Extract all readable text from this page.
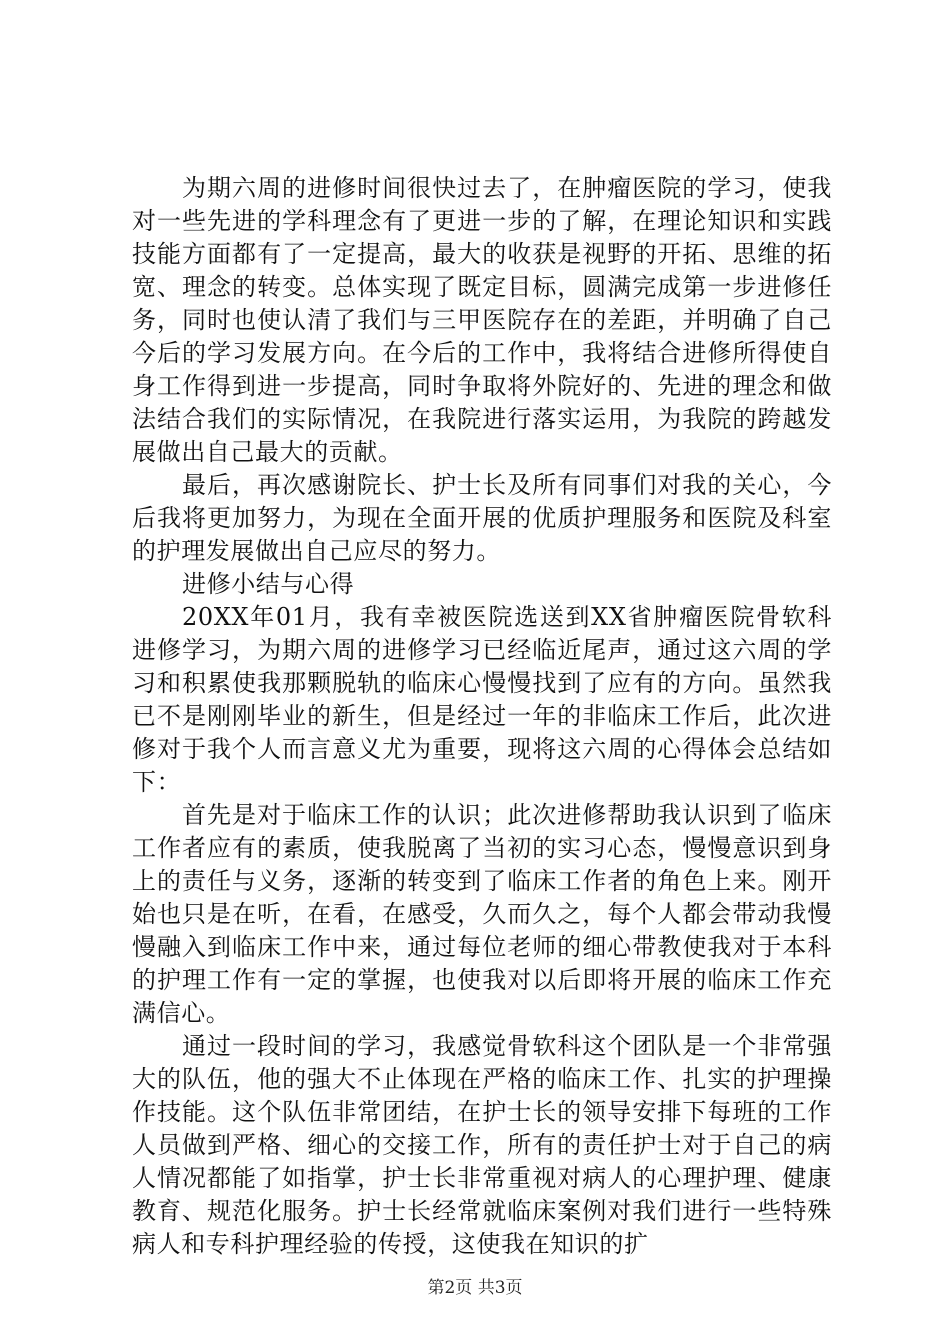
为期六周的进修时间很快过去了，在肿瘤医院的学习，使我对一些先进的学科理念有了更进一步的了解，在理论知识和实践技能方面都有了一定提高，最大的收获是视野的开拓、思维的拓宽、理念的转变。总体实现了既定目标，圆满完成第一步进修任务，同时也使认清了我们与三甲医院存在的差距，并明确了自己今后的学习发展方向。在今后的工作中，我将结合进修所得使自身工作得到进一步提高，同时争取将外院好的、先进的理念和做法结合我们的实际情况，在我院进行落实运用，为我院的跨越发展做出自己最大的贡献。

最后，再次感谢院长、护士长及所有同事们对我的关心，今后我将更加努力，为现在全面开展的优质护理服务和医院及科室的护理发展做出自己应尽的努力。

进修小结与心得

20XX年01月，我有幸被医院选送到XX省肿瘤医院骨软科进修学习，为期六周的进修学习已经临近尾声，通过这六周的学习和积累使我那颗脱轨的临床心慢慢找到了应有的方向。虽然我已不是刚刚毕业的新生，但是经过一年的非临床工作后，此次进修对于我个人而言意义尤为重要，现将这六周的心得体会总结如下：

首先是对于临床工作的认识；此次进修帮助我认识到了临床工作者应有的素质，使我脱离了当初的实习心态，慢慢意识到身上的责任与义务，逐渐的转变到了临床工作者的角色上来。刚开始也只是在听，在看，在感受，久而久之，每个人都会带动我慢慢融入到临床工作中来，通过每位老师的细心带教使我对于本科的护理工作有一定的掌握，也使我对以后即将开展的临床工作充满信心。

通过一段时间的学习，我感觉骨软科这个团队是一个非常强大的队伍，他的强大不止体现在严格的临床工作、扎实的护理操作技能。这个队伍非常团结，在护士长的领导安排下每班的工作人员做到严格、细心的交接工作，所有的责任护士对于自己的病人情况都能了如指掌，护士长非常重视对病人的心理护理、健康教育、规范化服务。护士长经常就临床案例对我们进行一些特殊病人和专科护理经验的传授，这使我在知识的扩

第2页 共3页
